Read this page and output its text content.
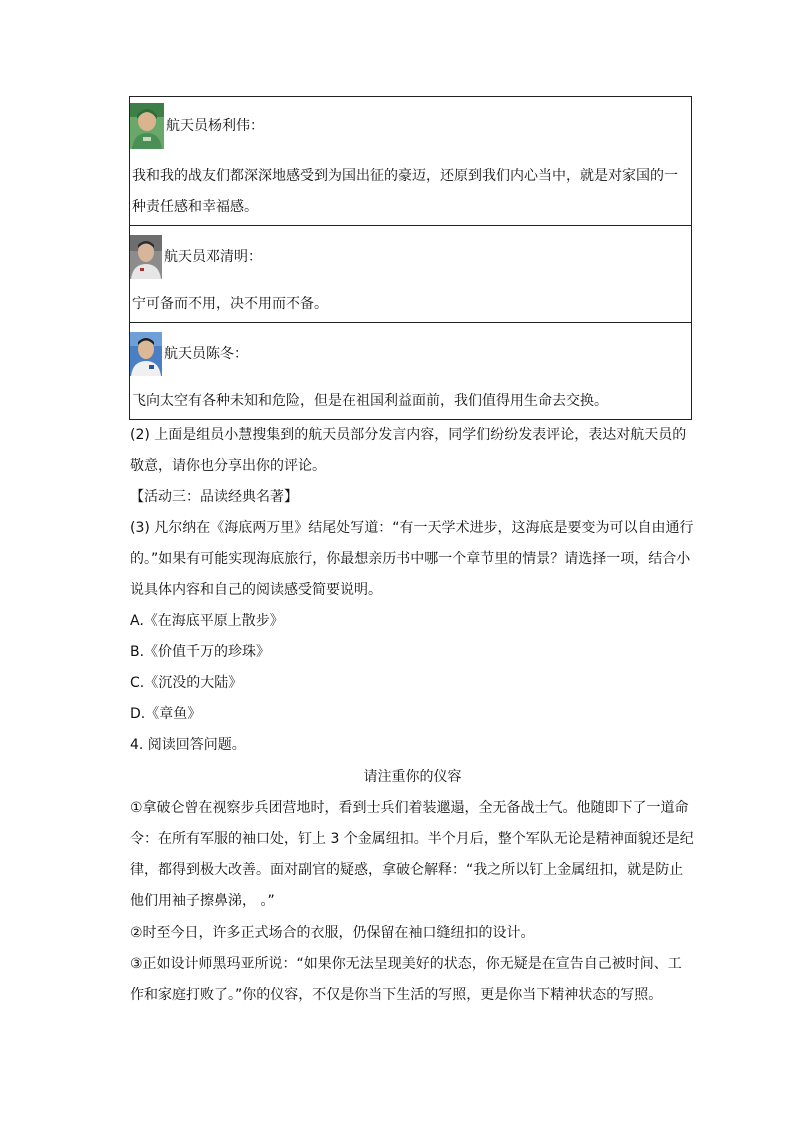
航天员杨利伟：
我和我的战友们都深深地感受到为国出征的豪迈，还原到我们内心当中，就是对家国的一种责任感和幸福感。
航天员邓清明：
宁可备而不用，决不用而不备。
航天员陈冬：
飞向太空有各种未知和危险，但是在祖国利益面前，我们值得用生命去交换。

(2) 上面是组员小慧搜集到的航天员部分发言内容，同学们纷纷发表评论，表达对航天员的敬意，请你也分享出你的评论。

【活动三：品读经典名著】

(3) 凡尔纳在《海底两万里》结尾处写道：“有一天学术进步，这海底是要变为可以自由通行的。”如果有可能实现海底旅行，你最想亲历书中哪一个章节里的情景？请选择一项，结合小说具体内容和自己的阅读感受简要说明。

A.《在海底平原上散步》

B.《价值千万的珍珠》

C.《沉没的大陆》

D.《章鱼》

4. 阅读回答问题。

请注重你的仪容

①拿破仑曾在视察步兵团营地时，看到士兵们着装邋遢，全无备战士气。他随即下了一道命令：在所有军服的袖口处，钉上 3 个金属纽扣。半个月后，整个军队无论是精神面貌还是纪律，都得到极大改善。面对副官的疑惑，拿破仑解释：“我之所以钉上金属纽扣，就是防止他们用袖子擦鼻涕， 。”

②时至今日，许多正式场合的衣服，仍保留在袖口缝纽扣的设计。

③正如设计师黑玛亚所说：“如果你无法呈现美好的状态，你无疑是在宣告自己被时间、工作和家庭打败了。”你的仪容，不仅是你当下生活的写照，更是你当下精神状态的写照。
